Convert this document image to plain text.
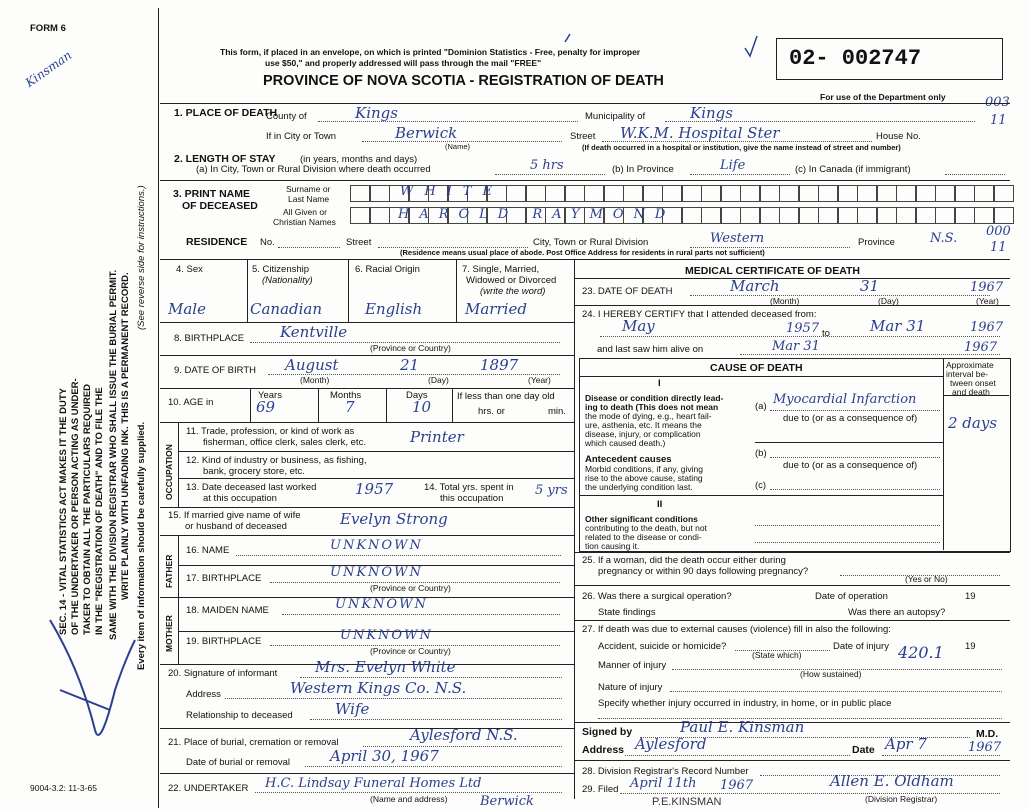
FORM 6
Kinsman	This form, if placed in an envelope, on which is printed "Dominion Statistics - Free, penalty for improper
use $50," and properly addressed will pass through the mail "FREE"
PROVINCE OF NOVA SCOTIA - REGISTRATION OF DEATH
02- 002747
For use of the Department only	003
11
SEC. 14 - VITAL STATISTICS ACT MAKES IT THE DUTY OF THE UNDERTAKER OR PERSON ACTING AS UNDER- TAKER TO OBTAIN ALL THE PARTICULARS REQUIRED IN THE "REGISTRATION OF DEATH" AND TO FILE THE SAME WITH THE DIVISION REGISTRAR WHO SHALL ISSUE THE BURIAL PERMIT. WRITE PLAINLY WITH UNFADING INK. THIS IS A PERMANENT RECORD. Every item of information should be carefully supplied.
(See reverse side for instructions.)
1. PLACE OF DEATH
County of	Kings	Municipality of	Kings
If in City or Town	Berwick
(Name)
Street W.K.M. Hospital Ster	House No.
(If death occurred in a hospital or institution, give the name instead of street and number)
2. LENGTH OF STAY	(in years, months and days)
(a) In City, Town or Rural Division where death occurred	5 hrs	(b) In Province	Life	(c) In Canada (if immigrant)
3. PRINT NAME
OF DECEASED
Surname or
Last Name
All Given or
Christian Names
WHITE
HAROLD RAYMOND
RESIDENCE No.	Street	City, Town or Rural Division	Western	Province	N.S. 000
11
(Residence means usual place of abode. Post Office Address for residents in rural parts not sufficient)
4. Sex
Male
5. Citizenship
(Nationality)
Canadian
6. Racial Origin
English
7. Single, Married,
Widowed or Divorced
(write the word)
Married
8. BIRTHPLACE Kentville
(Province or Country)
9. DATE OF BIRTH August	21	1897
(Month)	(Day)	(Year)
10. AGE in
Years
69
Months
7
Days
10
If less than one day old
hrs. or	min.
OCCUPATION
11. Trade, profession, or kind of work as
fisherman, office clerk, sales clerk, etc.	Printer
12. Kind of industry or business, as fishing,
bank, grocery store, etc.
13. Date deceased last worked
at this occupation
1957	14. Total yrs. spent in
this occupation
5 yrs
15. If married give name of wife
or husband of deceased	Evelyn Strong
FATHER
16. NAME	UNKNOWN
17. BIRTHPLACE	UNKNOWN
(Province or Country)
MOTHER
18. MAIDEN NAME	UNKNOWN
19. BIRTHPLACE	UNKNOWN
(Province or Country)
20. Signature of informant	Mrs. Evelyn White
Address	Western Kings Co. N.S.
Relationship to deceased	Wife
21. Place of burial, cremation or removal	Aylesford N.S.
Date of burial or removal	April 30, 1967
22. UNDERTAKER H.C. Lindsay Funeral Homes Ltd
Berwick
(Name and address)
9004-3.2: 11-3-65
MEDICAL CERTIFICATE OF DEATH
23. DATE OF DEATH	March	31	1967
(Month)	(Day)	(Year)
24. I HEREBY CERTIFY that I attended deceased from:
May	1957 to	Mar 31	1967
and last saw him alive on	Mar 31	1967
CAUSE OF DEATH	Approximate
interval be-
tween onset
and death
I
Disease or condition directly lead-
ing to death (This does not mean
the mode of dying, e.g., heart fail-
ure, asthenia, etc. It means the
disease, injury, or complication
which caused death.)
(a) Myocardial Infarction
2 days
due to (or as a consequence of)
(b)
Antecedent causes
Morbid conditions, if any, giving
rise to the above cause, stating
the underlying condition last.
due to (or as a consequence of)
(c)
II
Other significant conditions
contributing to the death, but not
related to the disease or condi-
tion causing it.
25. If a woman, did the death occur either during
pregnancy or within 90 days following pregnancy?
(Yes or No)
26. Was there a surgical operation?	Date of operation	19
State findings	Was there an autopsy?
27. If death was due to external causes (violence) fill in also the following:
Accident, suicide or homicide?
(State which)
Date of injury	19
420.1
Manner of injury
(How sustained)
Nature of injury
Specify whether injury occurred in industry, in home, or in public place
Signed by	Paul E. Kinsman	M.D.
Address Aylesford	Date Apr 7	1967
28. Division Registrar's Record Number
29. Filed April 11th 1967	Allen E. Oldham
(Division Registrar)
P.E.KINSMAN
